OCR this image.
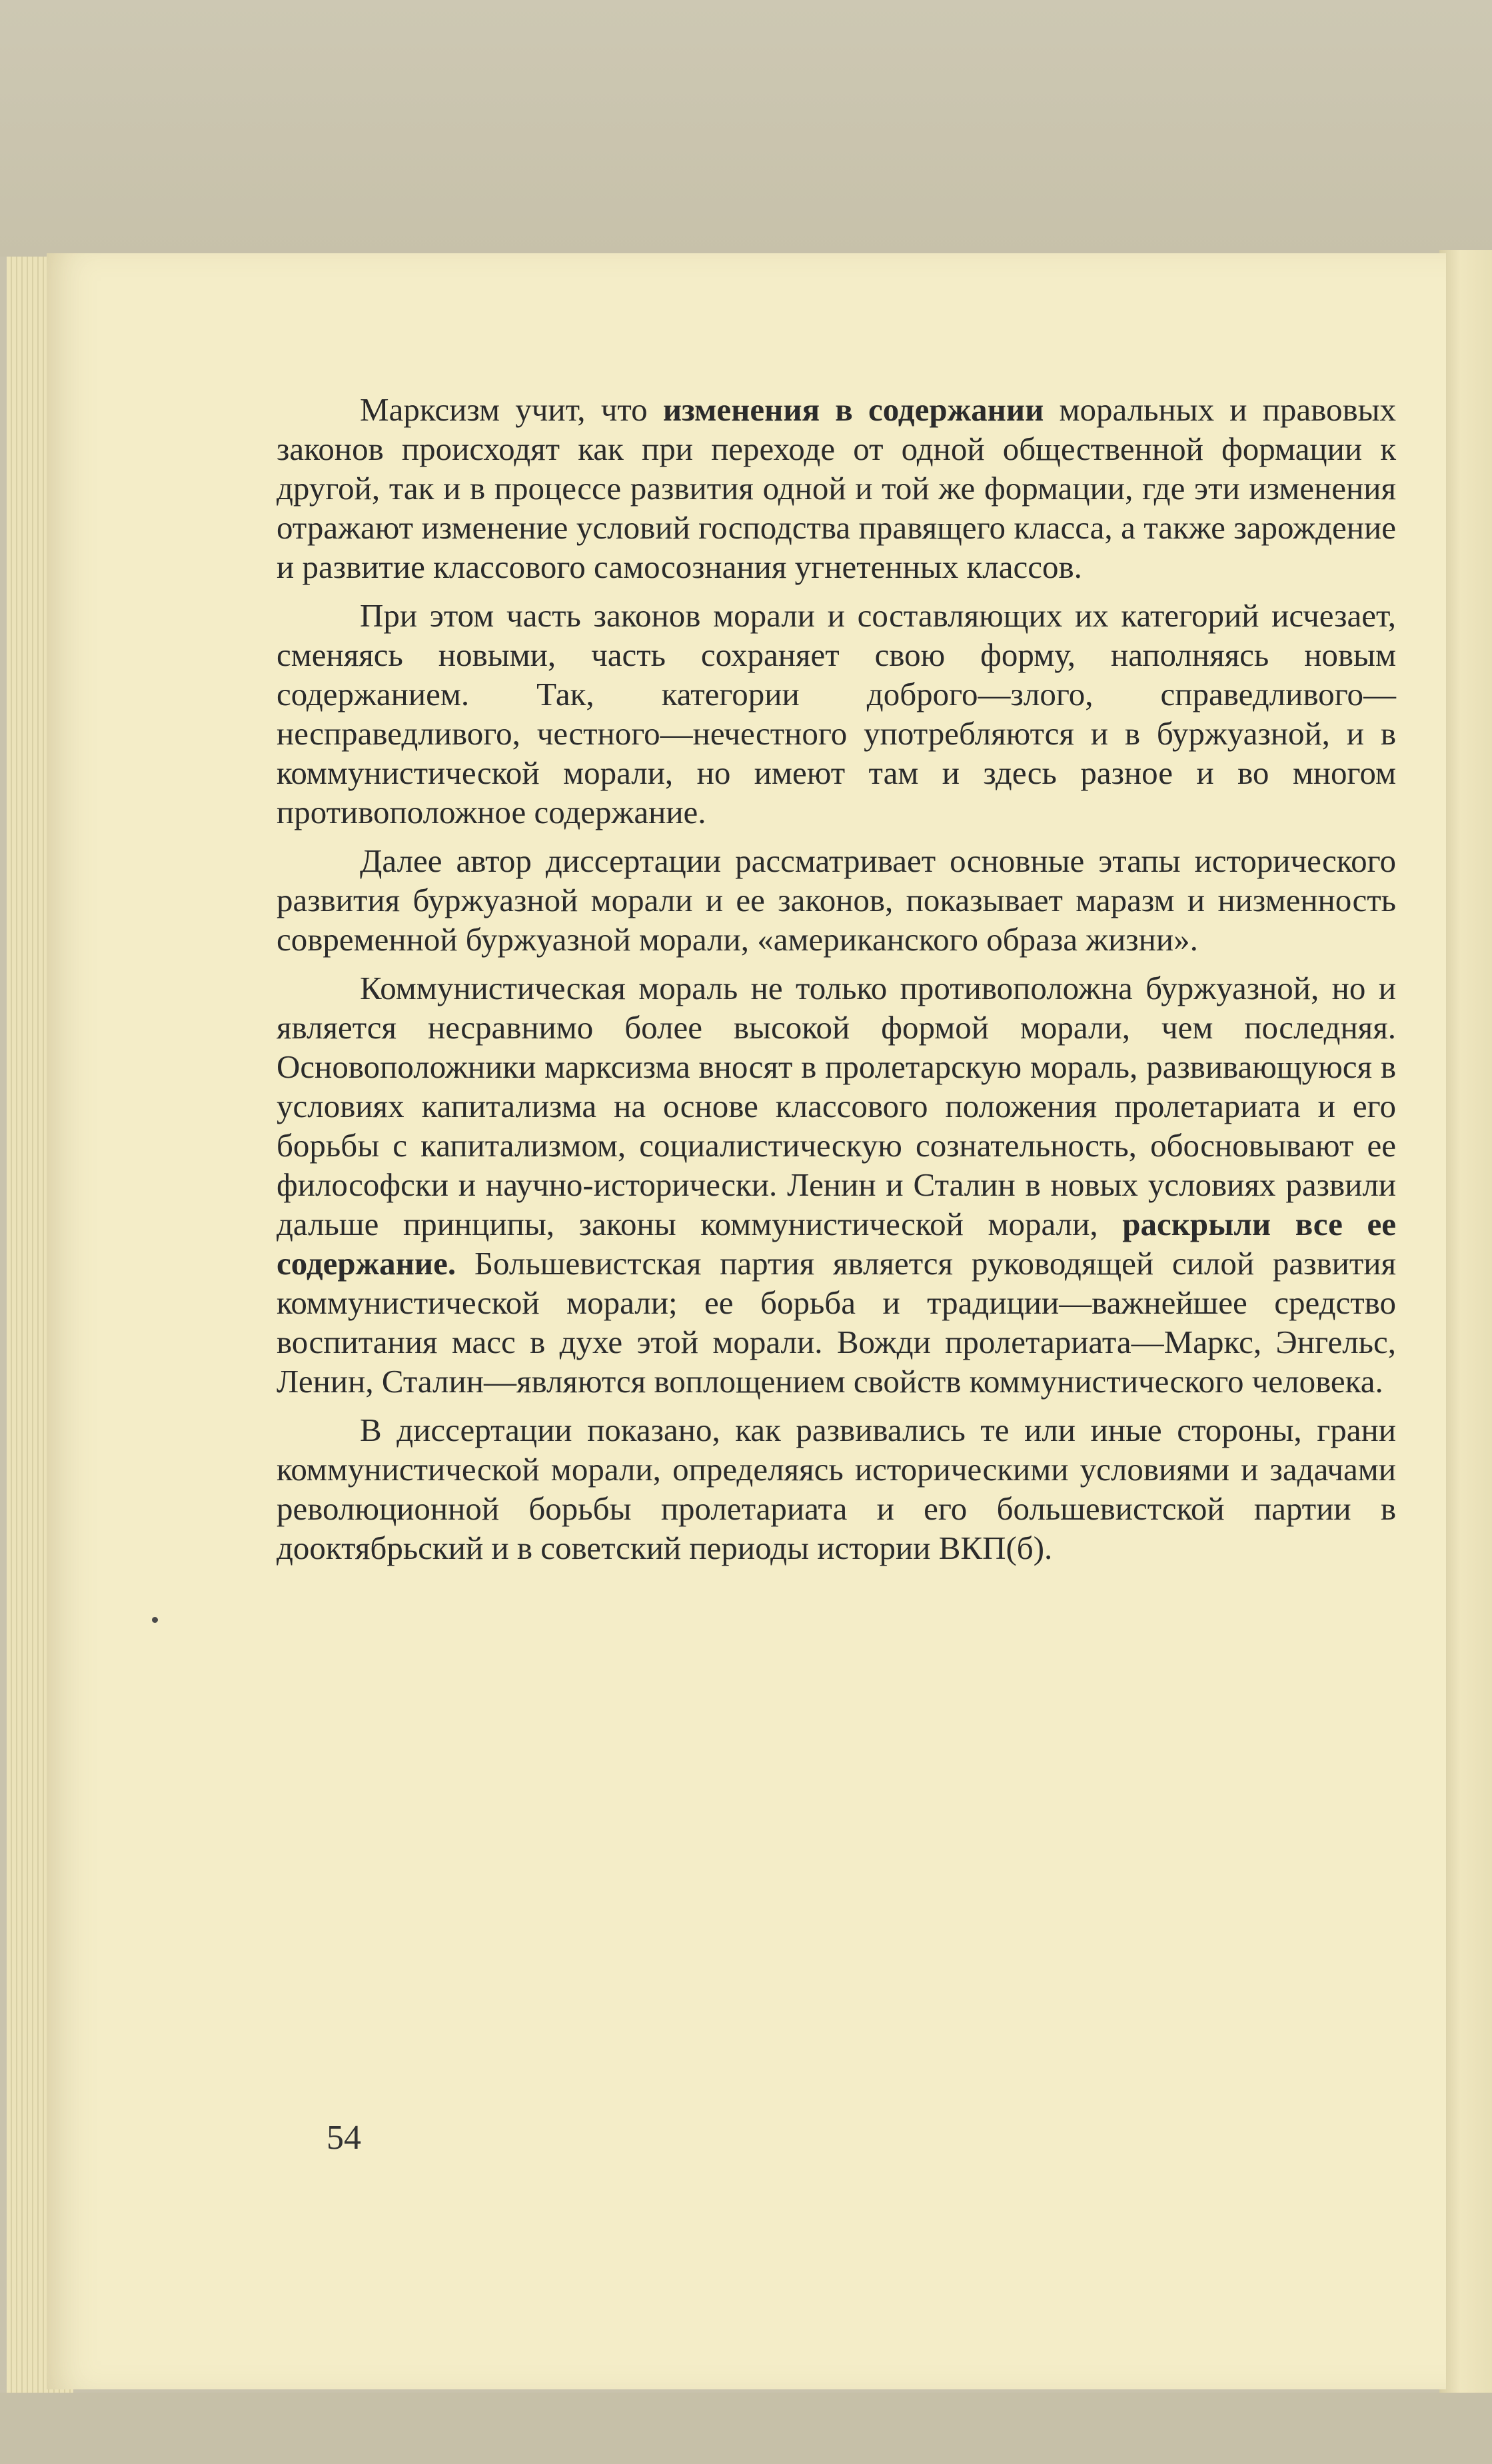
Марксизм учит, что изменения в содержании моральных и правовых законов происходят как при переходе от одной общественной формации к другой, так и в процессе развития одной и той же формации, где эти изменения отражают изменение условий господства правящего класса, а также зарождение и развитие классового самосознания угнетенных классов.

При этом часть законов морали и составляющих их категорий исчезает, сменяясь новыми, часть сохраняет свою форму, наполняясь новым содержанием. Так, категории доброго—злого, справедливого—несправедливого, честного—нечестного употребляются и в буржуазной, и в коммунистической морали, но имеют там и здесь разное и во многом противоположное содержание.

Далее автор диссертации рассматривает основные этапы исторического развития буржуазной морали и ее законов, показывает маразм и низменность современной буржуазной морали, «американского образа жизни».

Коммунистическая мораль не только противоположна буржуазной, но и является несравнимо более высокой формой морали, чем последняя. Основоположники марксизма вносят в пролетарскую мораль, развивающуюся в условиях капитализма на основе классового положения пролетариата и его борьбы с капитализмом, социалистическую сознательность, обосновывают ее философски и научно-исторически. Ленин и Сталин в новых условиях развили дальше принципы, законы коммунистической морали, раскрыли все ее содержание. Большевистская партия является руководящей силой развития коммунистической морали; ее борьба и традиции—важнейшее средство воспитания масс в духе этой морали. Вожди пролетариата—Маркс, Энгельс, Ленин, Сталин—являются воплощением свойств коммунистического человека.

В диссертации показано, как развивались те или иные стороны, грани коммунистической морали, определяясь историческими условиями и задачами революционной борьбы пролетариата и его большевистской партии в дооктябрьский и в советский периоды истории ВКП(б).

54
